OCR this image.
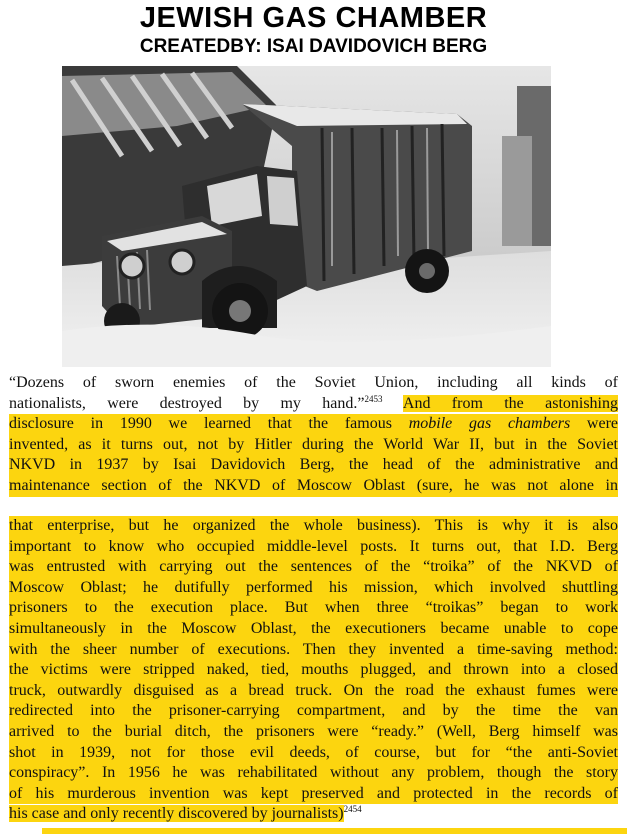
JEWISH GAS CHAMBER
CREATEDBY: ISAI DAVIDOVICH BERG
“Dozens of sworn enemies of the Soviet Union, including all kinds of
nationalists, were destroyed by my hand.”$^{2453}$ And from the astonishing
disclosure in 1990 we learned that the famous mobile gas chambers were
invented, as it turns out, not by Hitler during the World War II, but in the Soviet
NKVD in 1937 by Isai Davidovich Berg, the head of the administrative and
maintenance section of the NKVD of Moscow Oblast (sure, he was not alone in
that enterprise, but he organized the whole business). This is why it is also
important to know who occupied middle-level posts. It turns out, that I.D. Berg
was entrusted with carrying out the sentences of the “troika” of the NKVD of
Moscow Oblast; he dutifully performed his mission, which involved shuttling
prisoners to the execution place. But when three “troikas” began to work
simultaneously in the Moscow Oblast, the executioners became unable to cope
with the sheer number of executions. Then they invented a time-saving method:
the victims were stripped naked, tied, mouths plugged, and thrown into a closed
truck, outwardly disguised as a bread truck. On the road the exhaust fumes were
redirected into the prisoner-carrying compartment, and by the time the van
arrived to the burial ditch, the prisoners were “ready.” (Well, Berg himself was
shot in 1939, not for those evil deeds, of course, but for “the anti-Soviet
conspiracy”. In 1956 he was rehabilitated without any problem, though the story
of his murderous invention was kept preserved and protected in the records of
his case and only recently discovered by journalists)$^{2454}$
